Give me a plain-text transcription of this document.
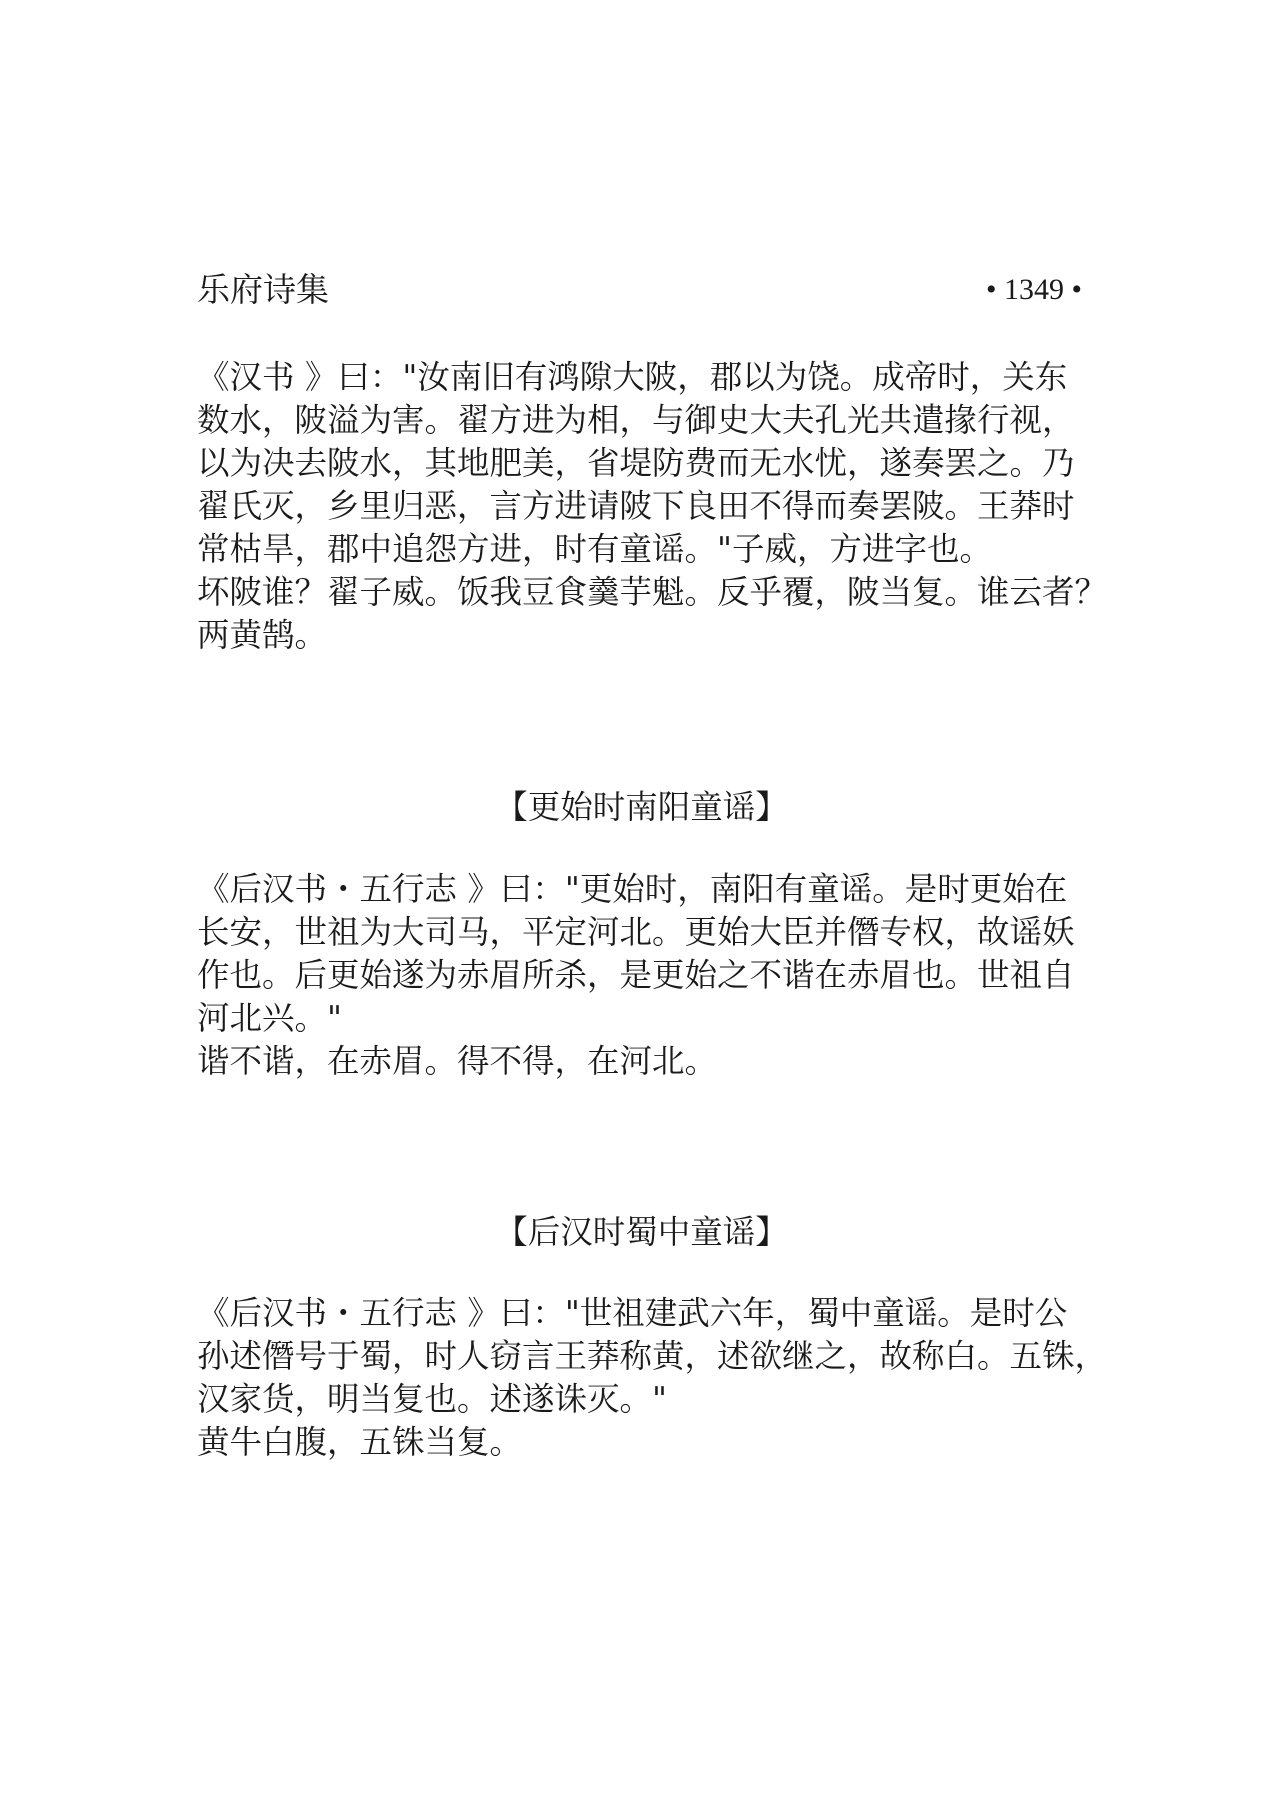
乐府诗集	• 1349 •
《汉书 》曰："汝南旧有鸿隙大陂，郡以为饶。成帝时，关东
数水，陂溢为害。翟方进为相，与御史大夫孔光共遣掾行视，
以为决去陂水，其地肥美，省堤防费而无水忧，遂奏罢之。乃
翟氏灭，乡里归恶，言方进请陂下良田不得而奏罢陂。王莽时
常枯旱，郡中追怨方进，时有童谣。"子威，方进字也。
坏陂谁？翟子威。饭我豆食羹芋魁。反乎覆，陂当复。谁云者？
两黄鹄。
【更始时南阳童谣】
《后汉书・五行志 》曰："更始时，南阳有童谣。是时更始在
长安，世祖为大司马，平定河北。更始大臣并僭专权，故谣妖
作也。后更始遂为赤眉所杀，是更始之不谐在赤眉也。世祖自
河北兴。"
谐不谐，在赤眉。得不得，在河北。
【后汉时蜀中童谣】
《后汉书・五行志 》曰："世祖建武六年，蜀中童谣。是时公
孙述僭号于蜀，时人窃言王莽称黄，述欲继之，故称白。五铢，
汉家货，明当复也。述遂诛灭。"
黄牛白腹，五铢当复。
